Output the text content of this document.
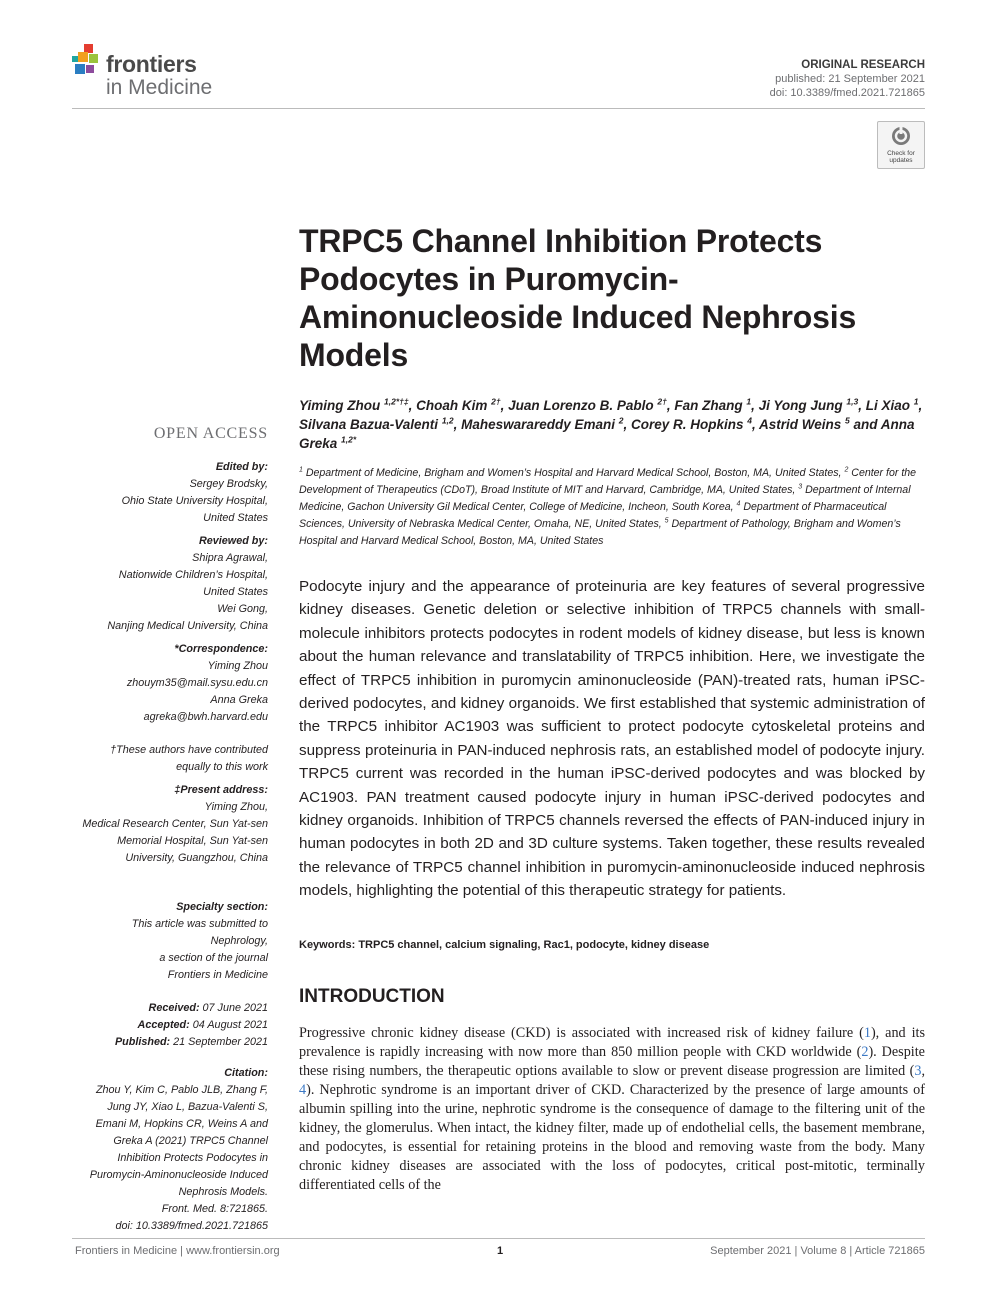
frontiers
in Medicine
ORIGINAL RESEARCH
published: 21 September 2021
doi: 10.3389/fmed.2021.721865
Check for
updates
TRPC5 Channel Inhibition Protects Podocytes in Puromycin-Aminonucleoside Induced Nephrosis Models
Yiming Zhou $^{1,2*\dagger\ddagger}$, Choah Kim $^{2\dagger}$, Juan Lorenzo B. Pablo $^{2\dagger}$, Fan Zhang $^1$, Ji Yong Jung $^{1,3}$, Li Xiao $^1$, Silvana Bazua-Valenti $^{1,2}$, Maheswarareddy Emani $^2$, Corey R. Hopkins $^4$, Astrid Weins $^5$ and Anna Greka $^{1,2*}$
$^1$ Department of Medicine, Brigham and Women’s Hospital and Harvard Medical School, Boston, MA, United States, $^2$ Center for the Development of Therapeutics (CDoT), Broad Institute of MIT and Harvard, Cambridge, MA, United States, $^3$ Department of Internal Medicine, Gachon University Gil Medical Center, College of Medicine, Incheon, South Korea, $^4$ Department of Pharmaceutical Sciences, University of Nebraska Medical Center, Omaha, NE, United States, $^5$ Department of Pathology, Brigham and Women’s Hospital and Harvard Medical School, Boston, MA, United States
OPEN ACCESS
Edited by:
Sergey Brodsky,
Ohio State University Hospital,
United States
Reviewed by:
Shipra Agrawal,
Nationwide Children’s Hospital,
United States
Wei Gong,
Nanjing Medical University, China
*Correspondence:
Yiming Zhou
zhouym35@mail.sysu.edu.cn
Anna Greka
agreka@bwh.harvard.edu
†These authors have contributed
equally to this work
‡Present address:
Yiming Zhou,
Medical Research Center, Sun Yat-sen
Memorial Hospital, Sun Yat-sen
University, Guangzhou, China
Specialty section:
This article was submitted to
Nephrology,
a section of the journal
Frontiers in Medicine
Received: 07 June 2021
Accepted: 04 August 2021
Published: 21 September 2021
Citation:
Zhou Y, Kim C, Pablo JLB, Zhang F,
Jung JY, Xiao L, Bazua-Valenti S,
Emani M, Hopkins CR, Weins A and
Greka A (2021) TRPC5 Channel
Inhibition Protects Podocytes in
Puromycin-Aminonucleoside Induced
Nephrosis Models.
Front. Med. 8:721865.
doi: 10.3389/fmed.2021.721865
Podocyte injury and the appearance of proteinuria are key features of several progressive kidney diseases. Genetic deletion or selective inhibition of TRPC5 channels with small-molecule inhibitors protects podocytes in rodent models of kidney disease, but less is known about the human relevance and translatability of TRPC5 inhibition. Here, we investigate the effect of TRPC5 inhibition in puromycin aminonucleoside (PAN)-treated rats, human iPSC-derived podocytes, and kidney organoids. We first established that systemic administration of the TRPC5 inhibitor AC1903 was sufficient to protect podocyte cytoskeletal proteins and suppress proteinuria in PAN-induced nephrosis rats, an established model of podocyte injury. TRPC5 current was recorded in the human iPSC-derived podocytes and was blocked by AC1903. PAN treatment caused podocyte injury in human iPSC-derived podocytes and kidney organoids. Inhibition of TRPC5 channels reversed the effects of PAN-induced injury in human podocytes in both 2D and 3D culture systems. Taken together, these results revealed the relevance of TRPC5 channel inhibition in puromycin-aminonucleoside induced nephrosis models, highlighting the potential of this therapeutic strategy for patients.
Keywords: TRPC5 channel, calcium signaling, Rac1, podocyte, kidney disease
INTRODUCTION
Progressive chronic kidney disease (CKD) is associated with increased risk of kidney failure (1), and its prevalence is rapidly increasing with now more than 850 million people with CKD worldwide (2). Despite these rising numbers, the therapeutic options available to slow or prevent disease progression are limited (3, 4). Nephrotic syndrome is an important driver of CKD. Characterized by the presence of large amounts of albumin spilling into the urine, nephrotic syndrome is the consequence of damage to the filtering unit of the kidney, the glomerulus. When intact, the kidney filter, made up of endothelial cells, the basement membrane, and podocytes, is essential for retaining proteins in the blood and removing waste from the body. Many chronic kidney diseases are associated with the loss of podocytes, critical post-mitotic, terminally differentiated cells of the
Frontiers in Medicine | www.frontiersin.org	1	September 2021 | Volume 8 | Article 721865
